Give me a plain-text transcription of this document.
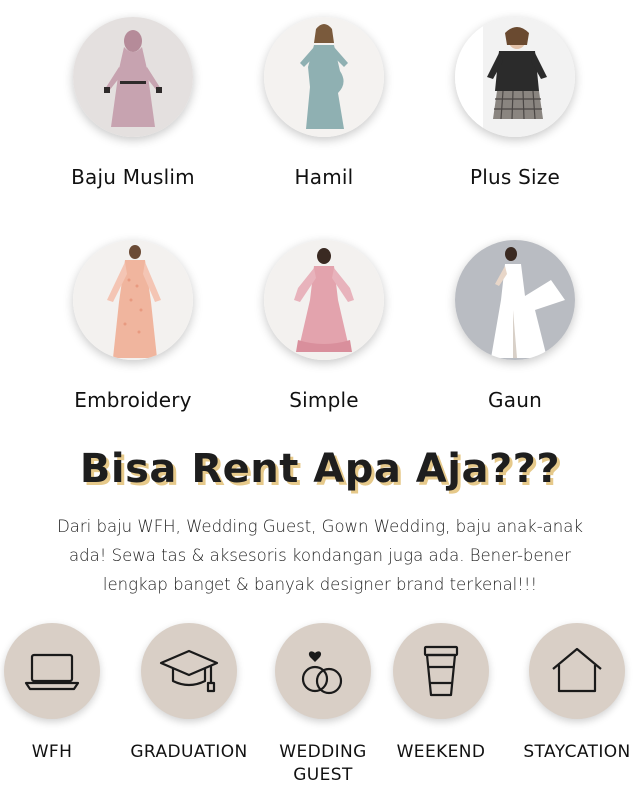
Baju Muslim	Hamil	Plus Size
Embroidery	Simple	Gaun
Bisa Rent Apa Aja???
Dari baju WFH, Wedding Guest, Gown Wedding, baju anak-anak
ada! Sewa tas & aksesoris kondangan juga ada. Bener-bener
lengkap banget & banyak designer brand terkenal!!!
WFH	GRADUATION	WEDDING
GUEST
WEEKEND	STAYCATION
